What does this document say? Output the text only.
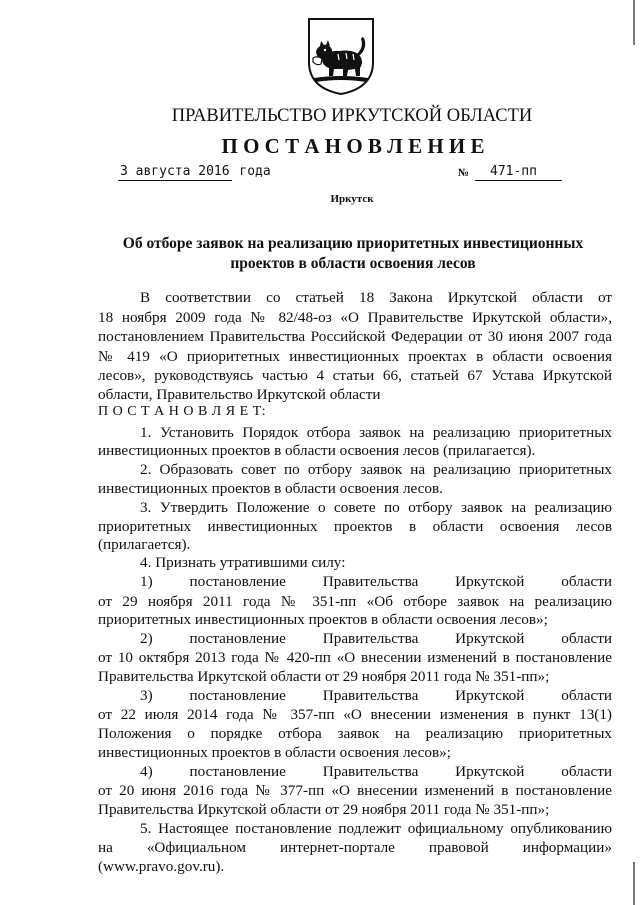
ПРАВИТЕЛЬСТВО ИРКУТСКОЙ ОБЛАСТИ
П О С Т А Н О В Л Е Н И Е
3 августа 2016 года	№	471-пп
Иркутск
Об отборе заявок на реализацию приоритетных инвестиционных
проектов в области освоения лесов
В соответствии со статьей 18 Закона Иркутской области от
18 ноября 2009 года № 82/48-оз «О Правительстве Иркутской области»,
постановлением Правительства Российской Федерации от 30 июня 2007 года
№ 419 «О приоритетных инвестиционных проектах в области освоения
лесов», руководствуясь частью 4 статьи 66, статьей 67 Устава Иркутской
области, Правительство Иркутской области
П О С Т А Н О В Л Я Е Т:
1. Установить Порядок отбора заявок на реализацию приоритетных
инвестиционных проектов в области освоения лесов (прилагается).
2. Образовать совет по отбору заявок на реализацию приоритетных
инвестиционных проектов в области освоения лесов.
3. Утвердить Положение о совете по отбору заявок на реализацию
приоритетных инвестиционных проектов в области освоения лесов
(прилагается).
4. Признать утратившими силу:
1) постановление Правительства Иркутской области
от 29 ноября 2011 года № 351-пп «Об отборе заявок на реализацию
приоритетных инвестиционных проектов в области освоения лесов»;
2) постановление Правительства Иркутской области
от 10 октября 2013 года № 420-пп «О внесении изменений в постановление
Правительства Иркутской области от 29 ноября 2011 года № 351-пп»;
3) постановление Правительства Иркутской области
от 22 июля 2014 года № 357-пп «О внесении изменения в пункт 13(1)
Положения о порядке отбора заявок на реализацию приоритетных
инвестиционных проектов в области освоения лесов»;
4) постановление Правительства Иркутской области
от 20 июня 2016 года № 377-пп «О внесении изменений в постановление
Правительства Иркутской области от 29 ноября 2011 года № 351-пп»;
5. Настоящее постановление подлежит официальному опубликованию
на «Официальном интернет-портале правовой информации»
(www.pravo.gov.ru).
